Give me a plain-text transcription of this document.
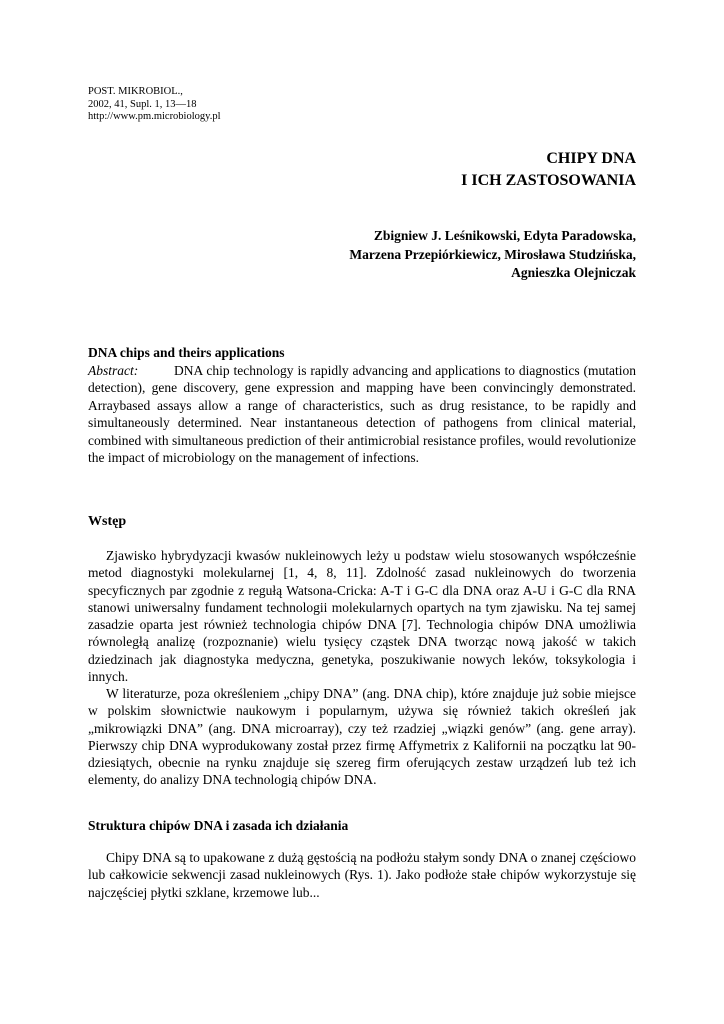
POST. MIKROBIOL.,
2002, 41, Supl. 1, 13—18
http://www.pm.microbiology.pl
CHIPY DNA
I ICH ZASTOSOWANIA
Zbigniew J. Leśnikowski, Edyta Paradowska,
Marzena Przepiórkiewicz, Mirosława Studzińska,
Agnieszka Olejniczak
DNA chips and theirs applications
Abstract:	DNA chip technology is rapidly advancing and applications to diagnostics (mutation detection), gene discovery, gene expression and mapping have been convincingly demonstrated. Arraybased assays allow a range of characteristics, such as drug resistance, to be rapidly and simultaneously determined. Near instantaneous detection of pathogens from clinical material, combined with simultaneous prediction of their antimicrobial resistance profiles, would revolutionize the impact of microbiology on the management of infections.
Wstęp
Zjawisko hybrydyzacji kwasów nukleinowych leży u podstaw wielu stosowanych współcześnie metod diagnostyki molekularnej [1, 4, 8, 11]. Zdolność zasad nukleinowych do tworzenia specyficznych par zgodnie z regułą Watsona-Cricka: A-T i G-C dla DNA oraz A-U i G-C dla RNA stanowi uniwersalny fundament technologii molekularnych opartych na tym zjawisku. Na tej samej zasadzie oparta jest również technologia chipów DNA [7]. Technologia chipów DNA umożliwia równoległą analizę (rozpoznanie) wielu tysięcy cząstek DNA tworząc nową jakość w takich dziedzinach jak diagnostyka medyczna, genetyka, poszukiwanie nowych leków, toksykologia i innych.
W literaturze, poza określeniem „chipy DNA” (ang. DNA chip), które znajduje już sobie miejsce w polskim słownictwie naukowym i popularnym, używa się również takich określeń jak „mikrowiązki DNA” (ang. DNA microarray), czy też rzadziej „wiązki genów” (ang. gene array). Pierwszy chip DNA wyprodukowany został przez firmę Affymetrix z Kalifornii na początku lat 90-dziesiątych, obecnie na rynku znajduje się szereg firm oferujących zestaw urządzeń lub też ich elementy, do analizy DNA technologią chipów DNA.
Struktura chipów DNA i zasada ich działania
Chipy DNA są to upakowane z dużą gęstością na podłożu stałym sondy DNA o znanej częściowo lub całkowicie sekwencji zasad nukleinowych (Rys. 1). Jako podłoże stałe chipów wykorzystuje się najczęściej płytki szklane, krzemowe lub...
